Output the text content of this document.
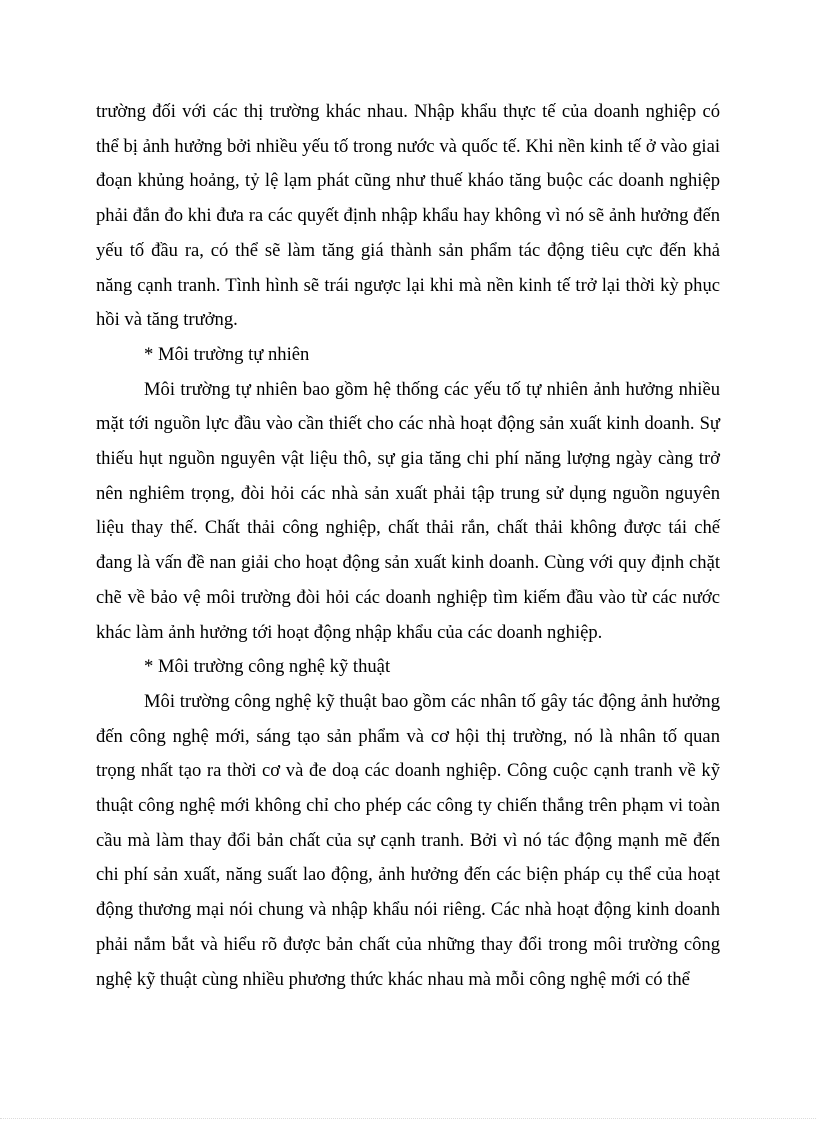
trường đối với các thị trường khác nhau. Nhập khẩu thực tế của doanh nghiệp có thể bị ảnh hưởng bởi nhiều yếu tố trong nước và quốc tế. Khi nền kinh tế ở vào giai đoạn khủng hoảng, tỷ lệ lạm phát cũng như thuế kháo tăng buộc các doanh nghiệp phải đắn đo khi đưa ra các quyết định nhập khẩu hay không vì nó sẽ ảnh hưởng đến yếu tố đầu ra, có thể sẽ làm tăng giá thành sản phẩm tác động tiêu cực đến khả năng cạnh tranh. Tình hình sẽ trái ngược lại khi mà nền kinh tế trở lại thời kỳ phục hồi và tăng trưởng.

* Môi trường tự nhiên

Môi trường tự nhiên bao gồm hệ thống các yếu tố tự nhiên ảnh hưởng nhiều mặt tới nguồn lực đầu vào cần thiết cho các nhà hoạt động sản xuất kinh doanh. Sự thiếu hụt nguồn nguyên vật liệu thô, sự gia tăng chi phí năng lượng ngày càng trở nên nghiêm trọng, đòi hỏi các nhà sản xuất phải tập trung sử dụng nguồn nguyên liệu thay thế. Chất thải công nghiệp, chất thải rắn, chất thải không được tái chế đang là vấn đề nan giải cho hoạt động sản xuất kinh doanh. Cùng với quy định chặt chẽ về bảo vệ môi trường đòi hỏi các doanh nghiệp tìm kiếm đầu vào từ các nước khác làm ảnh hưởng tới hoạt động nhập khẩu của các doanh nghiệp.

* Môi trường công nghệ kỹ thuật

Môi trường công nghệ kỹ thuật bao gồm các nhân tố gây tác động ảnh hưởng đến công nghệ mới, sáng tạo sản phẩm và cơ hội thị trường, nó là nhân tố quan trọng nhất tạo ra thời cơ và đe doạ các doanh nghiệp. Công cuộc cạnh tranh về kỹ thuật công nghệ mới không chỉ cho phép các công ty chiến thắng trên phạm vi toàn cầu mà làm thay đổi bản chất của sự cạnh tranh. Bởi vì nó tác động mạnh mẽ đến chi phí sản xuất, năng suất lao động, ảnh hưởng đến các biện pháp cụ thể của hoạt động thương mại nói chung và nhập khẩu nói riêng. Các nhà hoạt động kinh doanh phải nắm bắt và hiểu rõ được bản chất của những thay đổi trong môi trường công nghệ kỹ thuật cùng nhiều phương thức khác nhau mà mỗi công nghệ mới có thể
